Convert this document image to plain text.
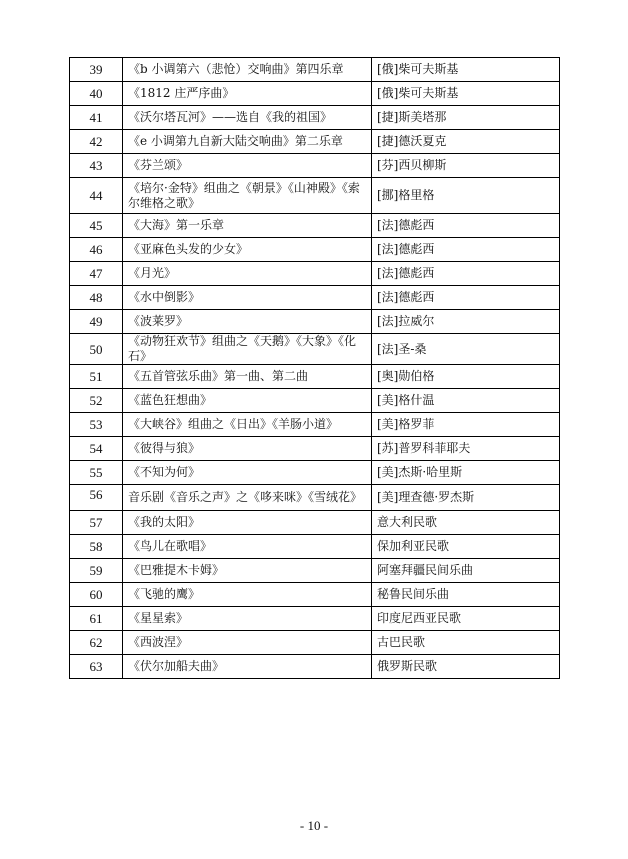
39	《b 小调第六（悲怆）交响曲》第四乐章	[俄]柴可夫斯基
40	《1812 庄严序曲》	[俄]柴可夫斯基
41	《沃尔塔瓦河》——选自《我的祖国》	[捷]斯美塔那
42	《e 小调第九自新大陆交响曲》第二乐章	[捷]德沃夏克
43	《芬兰颂》	[芬]西贝柳斯
44	《培尔·金特》组曲之《朝景》《山神殿》《索尔维格之歌》	[挪]格里格
45	《大海》第一乐章	[法]德彪西
46	《亚麻色头发的少女》	[法]德彪西
47	《月光》	[法]德彪西
48	《水中倒影》	[法]德彪西
49	《波莱罗》	[法]拉威尔
50	《动物狂欢节》组曲之《天鹅》《大象》《化石》	[法]圣-桑
51	《五首管弦乐曲》第一曲、第二曲	[奥]勋伯格
52	《蓝色狂想曲》	[美]格什温
53	《大峡谷》组曲之《日出》《羊肠小道》	[美]格罗菲
54	《彼得与狼》	[苏]普罗科菲耶夫
55	《不知为何》	[美]杰斯·哈里斯
56	音乐剧《音乐之声》之《哆来咪》《雪绒花》	[美]理查德·罗杰斯
57	《我的太阳》	意大利民歌
58	《鸟儿在歌唱》	保加利亚民歌
59	《巴雅提木卡姆》	阿塞拜疆民间乐曲
60	《飞驰的鹰》	秘鲁民间乐曲
61	《星星索》	印度尼西亚民歌
62	《西波涅》	古巴民歌
63	《伏尔加船夫曲》	俄罗斯民歌
- 10 -
